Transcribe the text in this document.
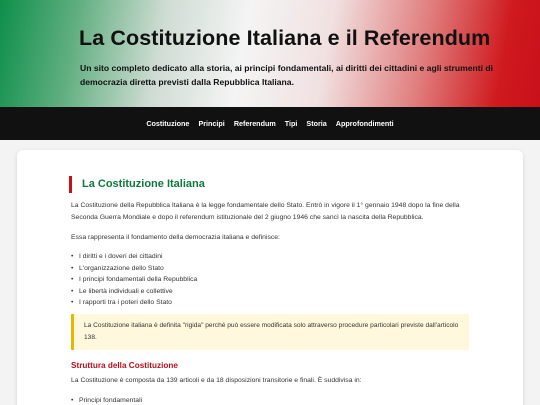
La Costituzione Italiana e il Referendum

Un sito completo dedicato alla storia, ai principi fondamentali, ai diritti dei cittadini e agli strumenti di democrazia diretta previsti dalla Repubblica Italiana.

Costituzione Principi Referendum Tipi Storia Approfondimenti
La Costituzione Italiana

La Costituzione della Repubblica Italiana è la legge fondamentale dello Stato. Entrò in vigore il 1° gennaio 1948 dopo la fine della Seconda Guerra Mondiale e dopo il referendum istituzionale del 2 giugno 1946 che sancì la nascita della Repubblica.

Essa rappresenta il fondamento della democrazia italiana e definisce:

• I diritti e i doveri dei cittadini
• L'organizzazione dello Stato
• I principi fondamentali della Repubblica
• Le libertà individuali e collettive
• I rapporti tra i poteri dello Stato
La Costituzione italiana è definita "rigida" perché può essere modificata solo attraverso procedure particolari previste dall'articolo 138.
Struttura della Costituzione

La Costituzione è composta da 139 articoli e da 18 disposizioni transitorie e finali. È suddivisa in:

• Principi fondamentali
